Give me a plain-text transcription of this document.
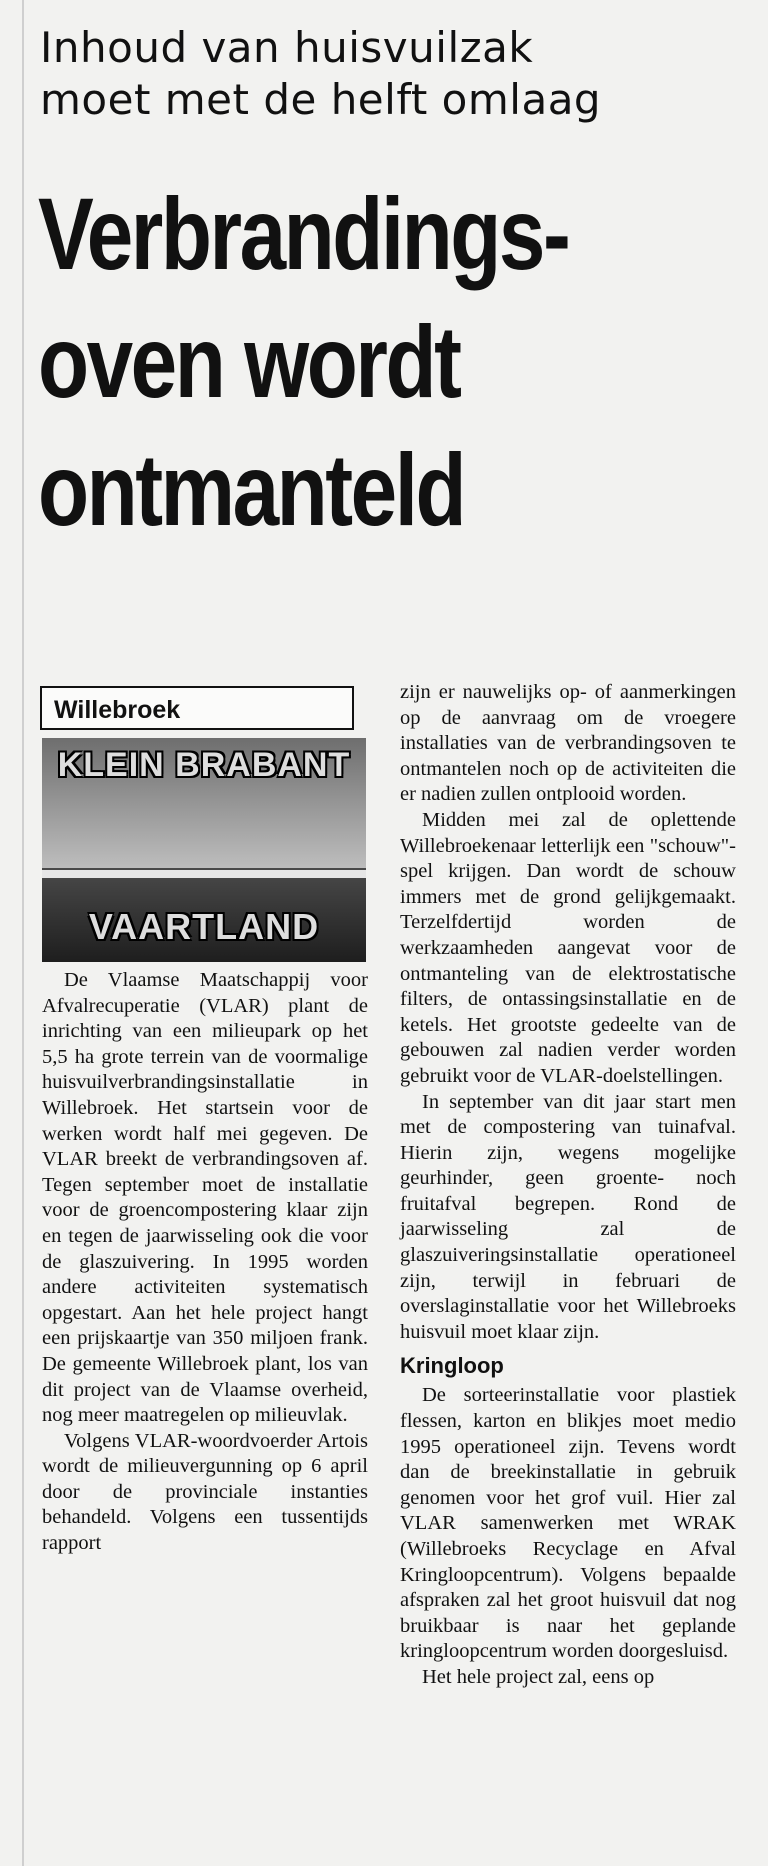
Inhoud van huisvuilzak
moet met de helft omlaag
Verbrandings-
oven wordt
ontmanteld
Willebroek
KLEIN BRABANT
VAARTLAND

De Vlaamse Maatschappij voor Afvalrecuperatie (VLAR) plant de inrichting van een milieupark op het 5,5 ha grote terrein van de voormalige huisvuilverbrandingsinstallatie in Willebroek. Het startsein voor de werken wordt half mei gegeven. De VLAR breekt de verbrandingsoven af. Tegen september moet de installatie voor de groencompostering klaar zijn en tegen de jaarwisseling ook die voor de glaszuivering. In 1995 worden andere activiteiten systematisch opgestart. Aan het hele project hangt een prijskaartje van 350 miljoen frank. De gemeente Willebroek plant, los van dit project van de Vlaamse overheid, nog meer maatregelen op milieuvlak.

Volgens VLAR-woordvoerder Artois wordt de milieuvergunning op 6 april door de provinciale instanties behandeld. Volgens een tussentijds rapport

zijn er nauwelijks op- of aanmerkingen op de aanvraag om de vroegere installaties van de verbrandingsoven te ontmantelen noch op de activiteiten die er nadien zullen ontplooid worden.

Midden mei zal de oplettende Willebroekenaar letterlijk een "schouw"-spel krijgen. Dan wordt de schouw immers met de grond gelijkgemaakt. Terzelfdertijd worden de werkzaamheden aangevat voor de ontmanteling van de elektrostatische filters, de ontassingsinstallatie en de ketels. Het grootste gedeelte van de gebouwen zal nadien verder worden gebruikt voor de VLAR-doelstellingen.

In september van dit jaar start men met de compostering van tuinafval. Hierin zijn, wegens mogelijke geurhinder, geen groente- noch fruitafval begrepen. Rond de jaarwisseling zal de glaszuiveringsinstallatie operationeel zijn, terwijl in februari de overslaginstallatie voor het Willebroeks huisvuil moet klaar zijn.

Kringloop

De sorteerinstallatie voor plastiek flessen, karton en blikjes moet medio 1995 operationeel zijn. Tevens wordt dan de breekinstallatie in gebruik genomen voor het grof vuil. Hier zal VLAR samenwerken met WRAK (Willebroeks Recyclage en Afval Kringloopcentrum). Volgens bepaalde afspraken zal het groot huisvuil dat nog bruikbaar is naar het geplande kringloopcentrum worden doorgesluisd.

Het hele project zal, eens op
